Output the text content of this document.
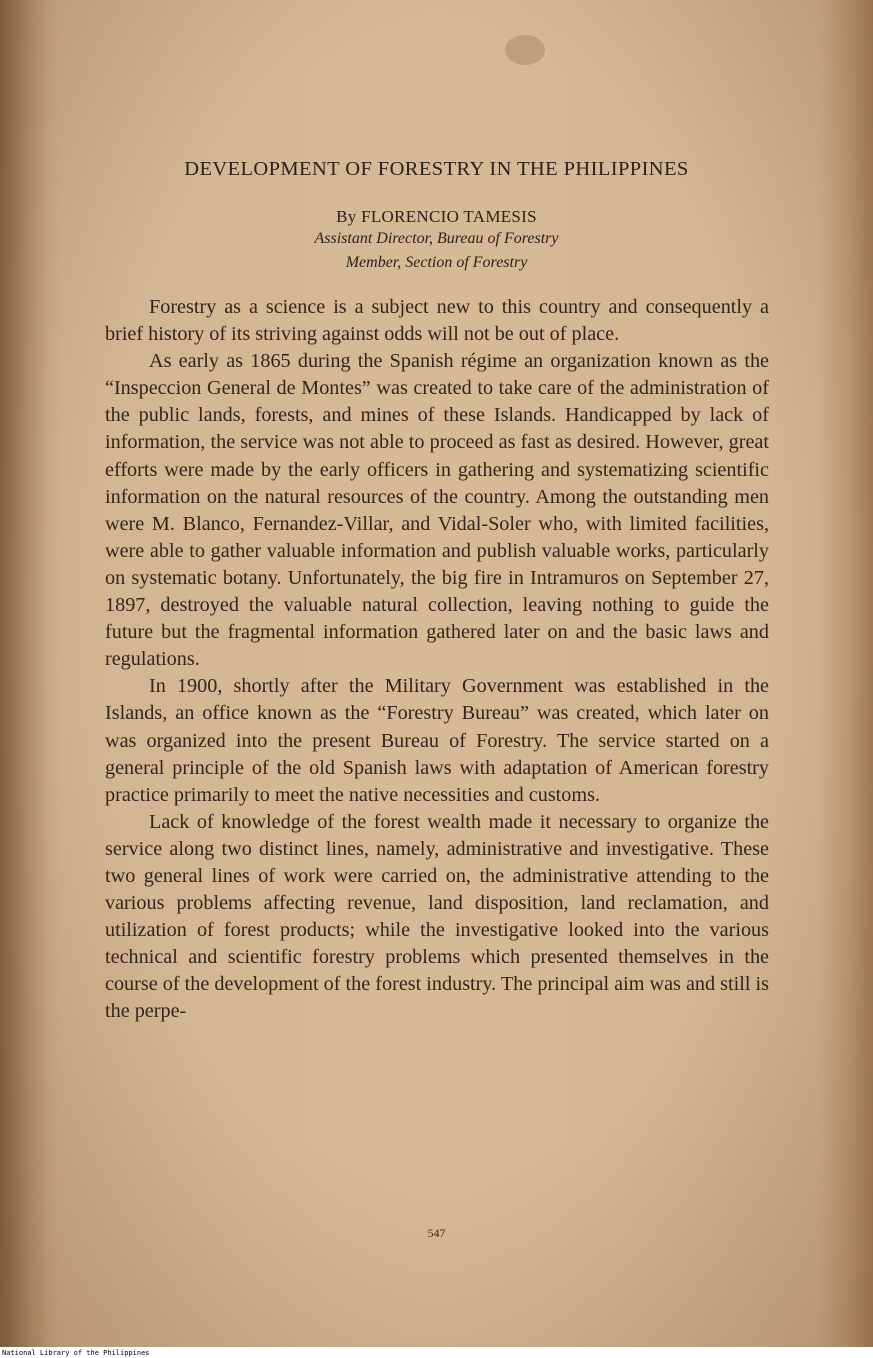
DEVELOPMENT OF FORESTRY IN THE PHILIPPINES

By FLORENCIO TAMESIS

Assistant Director, Bureau of Forestry

Member, Section of Forestry

Forestry as a science is a subject new to this country and consequently a brief history of its striving against odds will not be out of place.

As early as 1865 during the Spanish régime an organization known as the “Inspeccion General de Montes” was created to take care of the administration of the public lands, forests, and mines of these Islands. Handicapped by lack of information, the service was not able to proceed as fast as desired. However, great efforts were made by the early officers in gathering and systematizing scientific information on the natural resources of the country. Among the outstanding men were M. Blanco, Fernandez-Villar, and Vidal-Soler who, with limited facilities, were able to gather valuable information and publish valuable works, particularly on systematic botany. Unfortunately, the big fire in Intramuros on September 27, 1897, destroyed the valuable natural collection, leaving nothing to guide the future but the fragmental information gathered later on and the basic laws and regulations.

In 1900, shortly after the Military Government was established in the Islands, an office known as the “Forestry Bureau” was created, which later on was organized into the present Bureau of Forestry. The service started on a general principle of the old Spanish laws with adaptation of American forestry practice primarily to meet the native necessities and customs.

Lack of knowledge of the forest wealth made it necessary to organize the service along two distinct lines, namely, administrative and investigative. These two general lines of work were carried on, the administrative attending to the various problems affecting revenue, land disposition, land reclamation, and utilization of forest products; while the investigative looked into the various technical and scientific forestry problems which presented themselves in the course of the development of the forest industry. The principal aim was and still is the perpe-

547

National Library of the Philippines
